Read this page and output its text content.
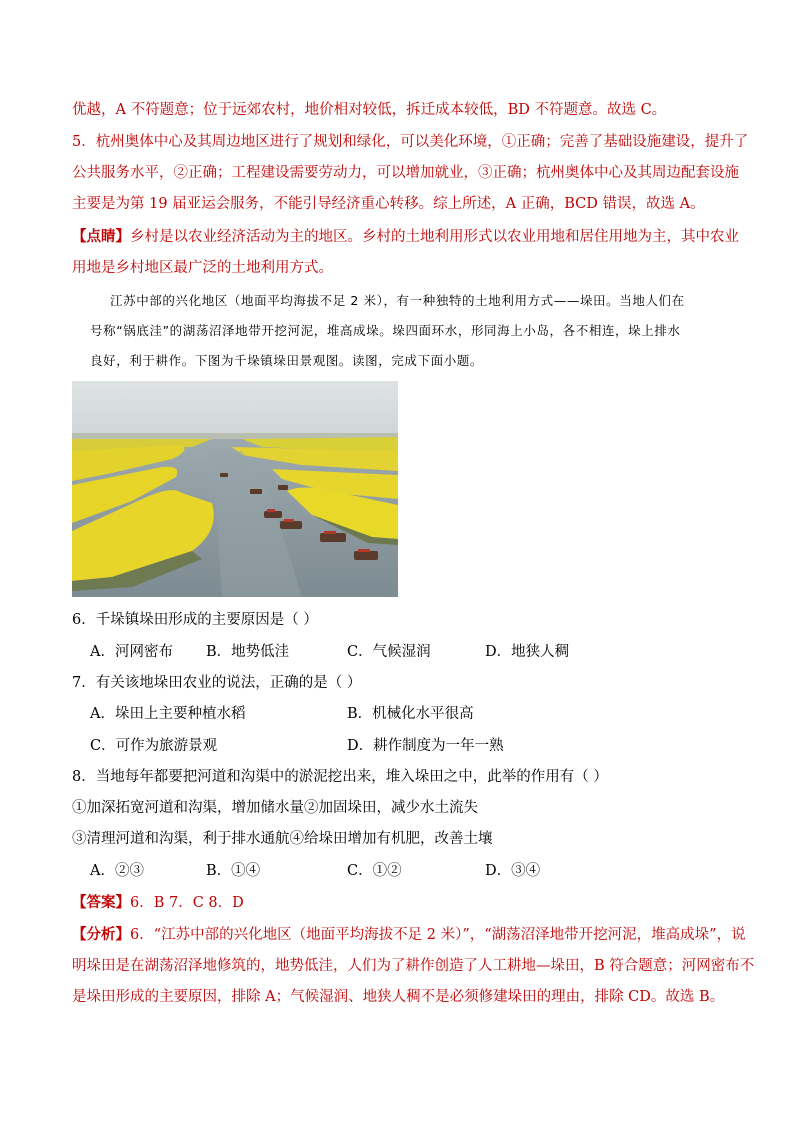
优越，A 不符题意；位于远郊农村，地价相对较低，拆迁成本较低，BD 不符题意。故选 C。
5．杭州奥体中心及其周边地区进行了规划和绿化，可以美化环境，①正确；完善了基础设施建设，提升了
公共服务水平，②正确；工程建设需要劳动力，可以增加就业，③正确；杭州奥体中心及其周边配套设施
主要是为第 19 届亚运会服务，不能引导经济重心转移。综上所述，A 正确，BCD 错误，故选 A。
【点睛】乡村是以农业经济活动为主的地区。乡村的土地利用形式以农业用地和居住用地为主，其中农业
用地是乡村地区最广泛的土地利用方式。
江苏中部的兴化地区（地面平均海拔不足 2 米），有一种独特的土地利用方式——垛田。当地人们在
号称“锅底洼”的湖荡沼泽地带开挖河泥，堆高成垛。垛四面环水，形同海上小岛，各不相连，垛上排水
良好，利于耕作。下图为千垛镇垛田景观图。读图，完成下面小题。
6．千垛镇垛田形成的主要原因是（ ）
A．河网密布 B．地势低洼	C．气候湿润	D．地狭人稠
7．有关该地垛田农业的说法，正确的是（ ）
A．垛田上主要种植水稻	B．机械化水平很高
C．可作为旅游景观	D．耕作制度为一年一熟
8．当地每年都要把河道和沟渠中的淤泥挖出来，堆入垛田之中，此举的作用有（ ）
①加深拓宽河道和沟渠，增加储水量②加固垛田，减少水土流失
③清理河道和沟渠，利于排水通航④给垛田增加有机肥，改善土壤
A．②③	B．①④	C．①②	D．③④
【答案】6．B 7．C 8．D
【分析】6．“江苏中部的兴化地区（地面平均海拔不足 2 米）”，“湖荡沼泽地带开挖河泥，堆高成垛”，说
明垛田是在湖荡沼泽地修筑的，地势低洼，人们为了耕作创造了人工耕地—垛田，B 符合题意；河网密布不
是垛田形成的主要原因，排除 A；气候湿润、地狭人稠不是必须修建垛田的理由，排除 CD。故选 B。
